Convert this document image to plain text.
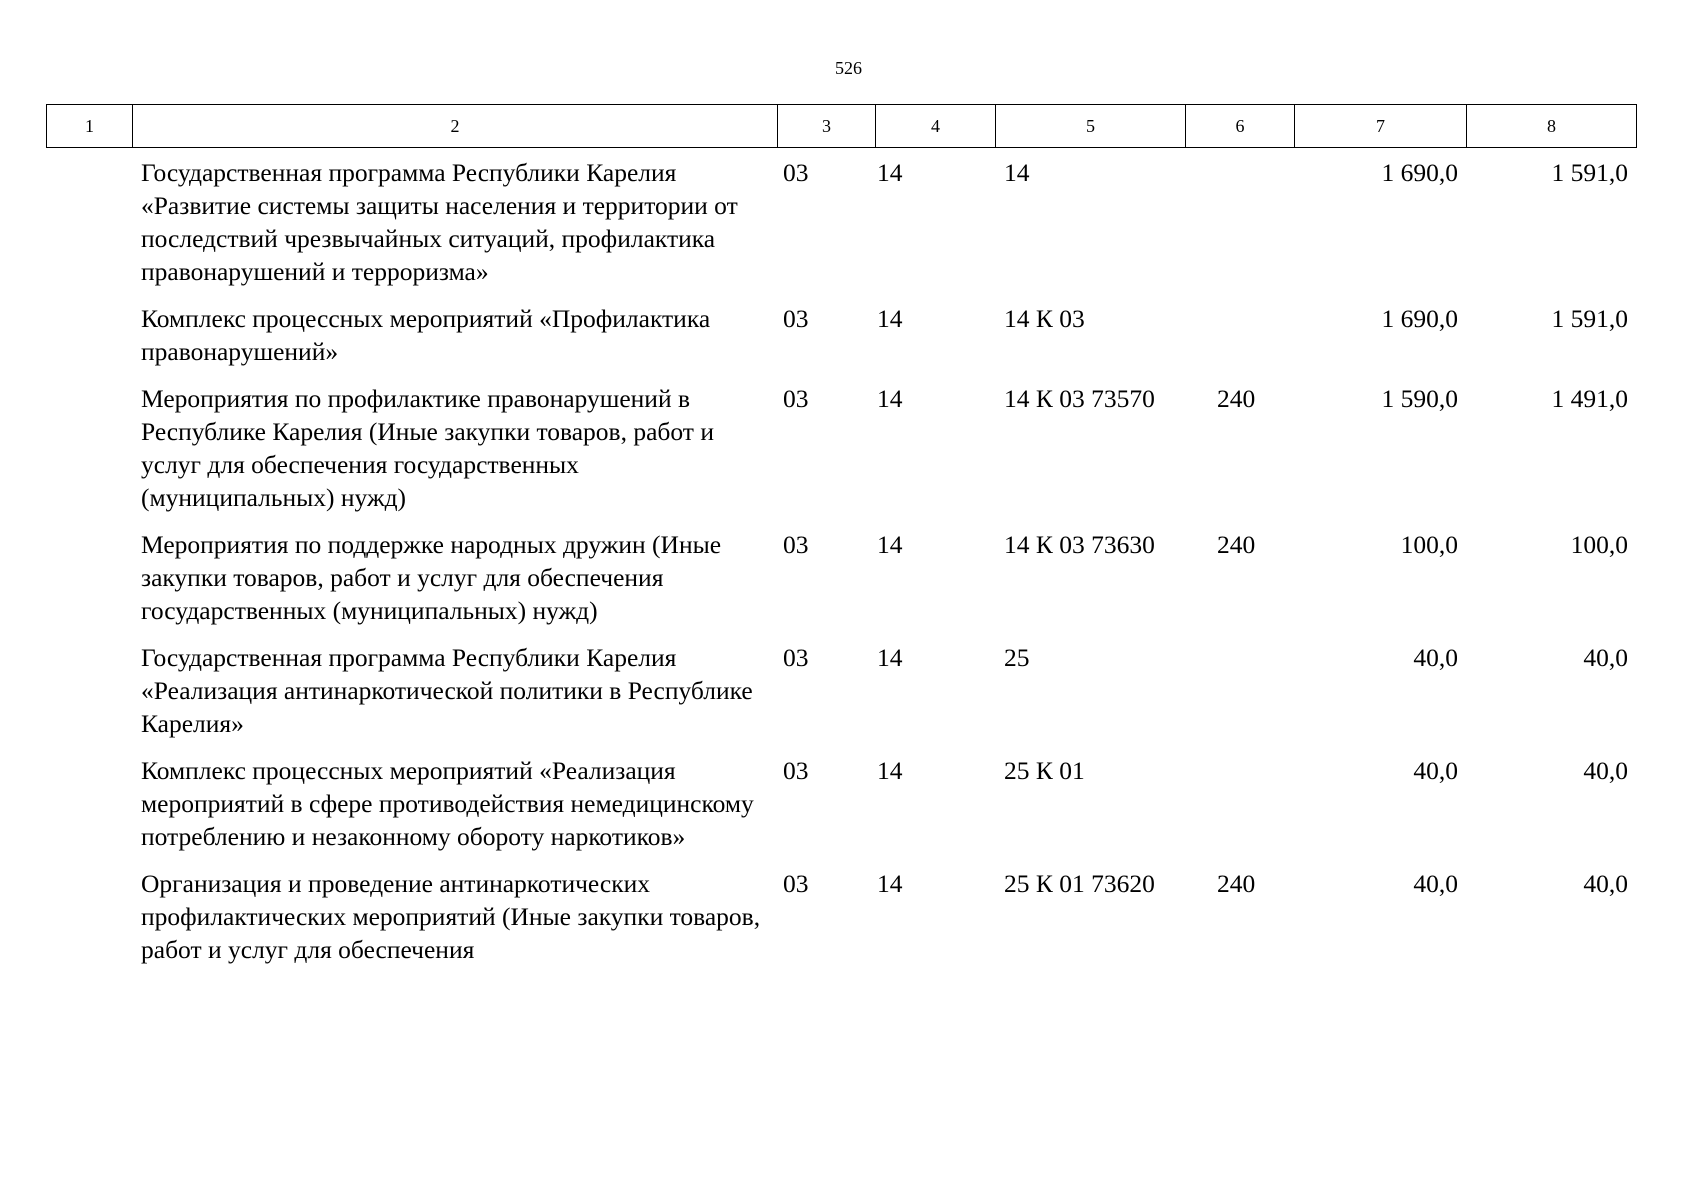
526
1	2	3	4	5	6	7	8
Государственная программа Республики Карелия «Развитие системы защиты населения и территории от последствий чрезвычайных ситуаций, профилактика правонарушений и терроризма»	03	14	14		1 690,0	1 591,0
Комплекс процессных мероприятий «Профилактика правонарушений»	03	14	14 К 03		1 690,0	1 591,0
Мероприятия по профилактике правонарушений в Республике Карелия (Иные закупки товаров, работ и услуг для обеспечения государственных (муниципальных) нужд)	03	14	14 К 03 73570	240	1 590,0	1 491,0
Мероприятия по поддержке народных дружин (Иные закупки товаров, работ и услуг для обеспечения государственных (муниципальных) нужд)	03	14	14 К 03 73630	240	100,0	100,0
Государственная программа Республики Карелия «Реализация антинаркотической политики в Республике Карелия»	03	14	25		40,0	40,0
Комплекс процессных мероприятий «Реализация мероприятий в сфере противодействия немедицинскому потреблению и незаконному обороту наркотиков»	03	14	25 К 01		40,0	40,0
Организация и проведение антинаркотических профилактических мероприятий (Иные закупки товаров, работ и услуг для обеспечения	03	14	25 К 01 73620	240	40,0	40,0
